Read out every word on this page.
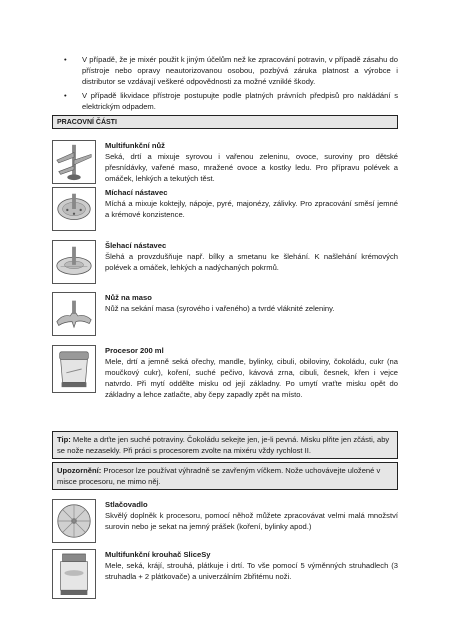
• V případě, že je mixér použit k jiným účelům než ke zpracování potravin, v případě zásahu do přístroje nebo opravy neautorizovanou osobou, pozbývá záruka platnost a výrobce i distributor se vzdávají veškeré odpovědnosti za možné vzniklé škody.
• V případě likvidace přístroje postupujte podle platných právních předpisů pro nakládání s elektrickým odpadem.
PRACOVNÍ ČÁSTI
Multifunkční nůž
Seká, drtí a mixuje syrovou i vařenou zeleninu, ovoce, suroviny pro dětské přesnídávky, vařené maso, mražené ovoce a kostky ledu. Pro přípravu polévek a omáček, lehkých a tekutých těst.
Míchací nástavec
Míchá a mixuje koktejly, nápoje, pyré, majonézy, zálivky. Pro zpracování směsí jemné a krémové konzistence.
Šlehací nástavec
Šlehá a provzdušňuje např. bílky a smetanu ke šlehání. K našlehání krémových polévek a omáček, lehkých a nadýchaných pokrmů.
Nůž na maso
Nůž na sekání masa (syrového i vařeného) a tvrdé vláknité zeleniny.
Procesor 200 ml
Mele, drtí a jemně seká ořechy, mandle, bylinky, cibuli, obiloviny, čokoládu, cukr (na moučkový cukr), koření, suché pečivo, kávová zrna, cibuli, česnek, křen i vejce natvrdo. Při mytí oddělte misku od její základny. Po umytí vraťte misku opět do základny a lehce zatlačte, aby čepy zapadly zpět na místo.
Tip: Melte a drťte jen suché potraviny. Čokoládu sekejte jen, je-li pevná. Misku plňte jen zčásti, aby se nože nezasekly. Při práci s procesorem zvolte na mixéru vždy rychlost II.
Upozornění: Procesor lze používat výhradně se zavřeným víčkem. Nože uchovávejte uložené v misce procesoru, ne mimo něj.
Stlačovadlo
Skvělý doplněk k procesoru, pomocí něhož můžete zpracovávat velmi malá množství surovin nebo je sekat na jemný prášek (koření, bylinky apod.)
Multifunkční krouhač SliceSy
Mele, seká, krájí, strouhá, plátkuje i drtí. To vše pomocí 5 výměnných struhadlech (3 struhadla + 2 plátkovače) a univerzálním 2břitému noži.
